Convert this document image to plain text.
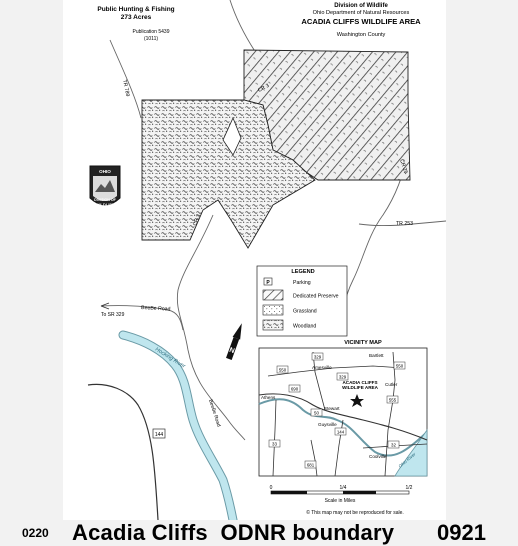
Public Hunting & Fishing
273 Acres
Publication 5439
(1011)
Division of Wildlife
Ohio Department of Natural Resources
ACADIA CLIFFS WILDLIFE AREA
Washington County
Hocking River
TR 789	CR 3
CR 3
CR 26
TR 253
BeeBe Road
To SR 329
BeeBe Road
144
OHIO
DIVISION OF
WILDLIFE
LEGEND
P	Parking
Dedicated Preserve
Grassland
Woodland
N
VICINITY MAP
329
550
550
329
690
555
50
144
33	32
681
Bartlett
Amesville
ACADIA CLIFFS
WILDLIFE AREA
Cutler
Athens
Stewart
Guysville
Coolville	Ohio River
0	1/4	1/2
Scale in Miles
© This map may not be reproduced for sale.
0220 Acadia Cliffs  ODNR boundary 0921
